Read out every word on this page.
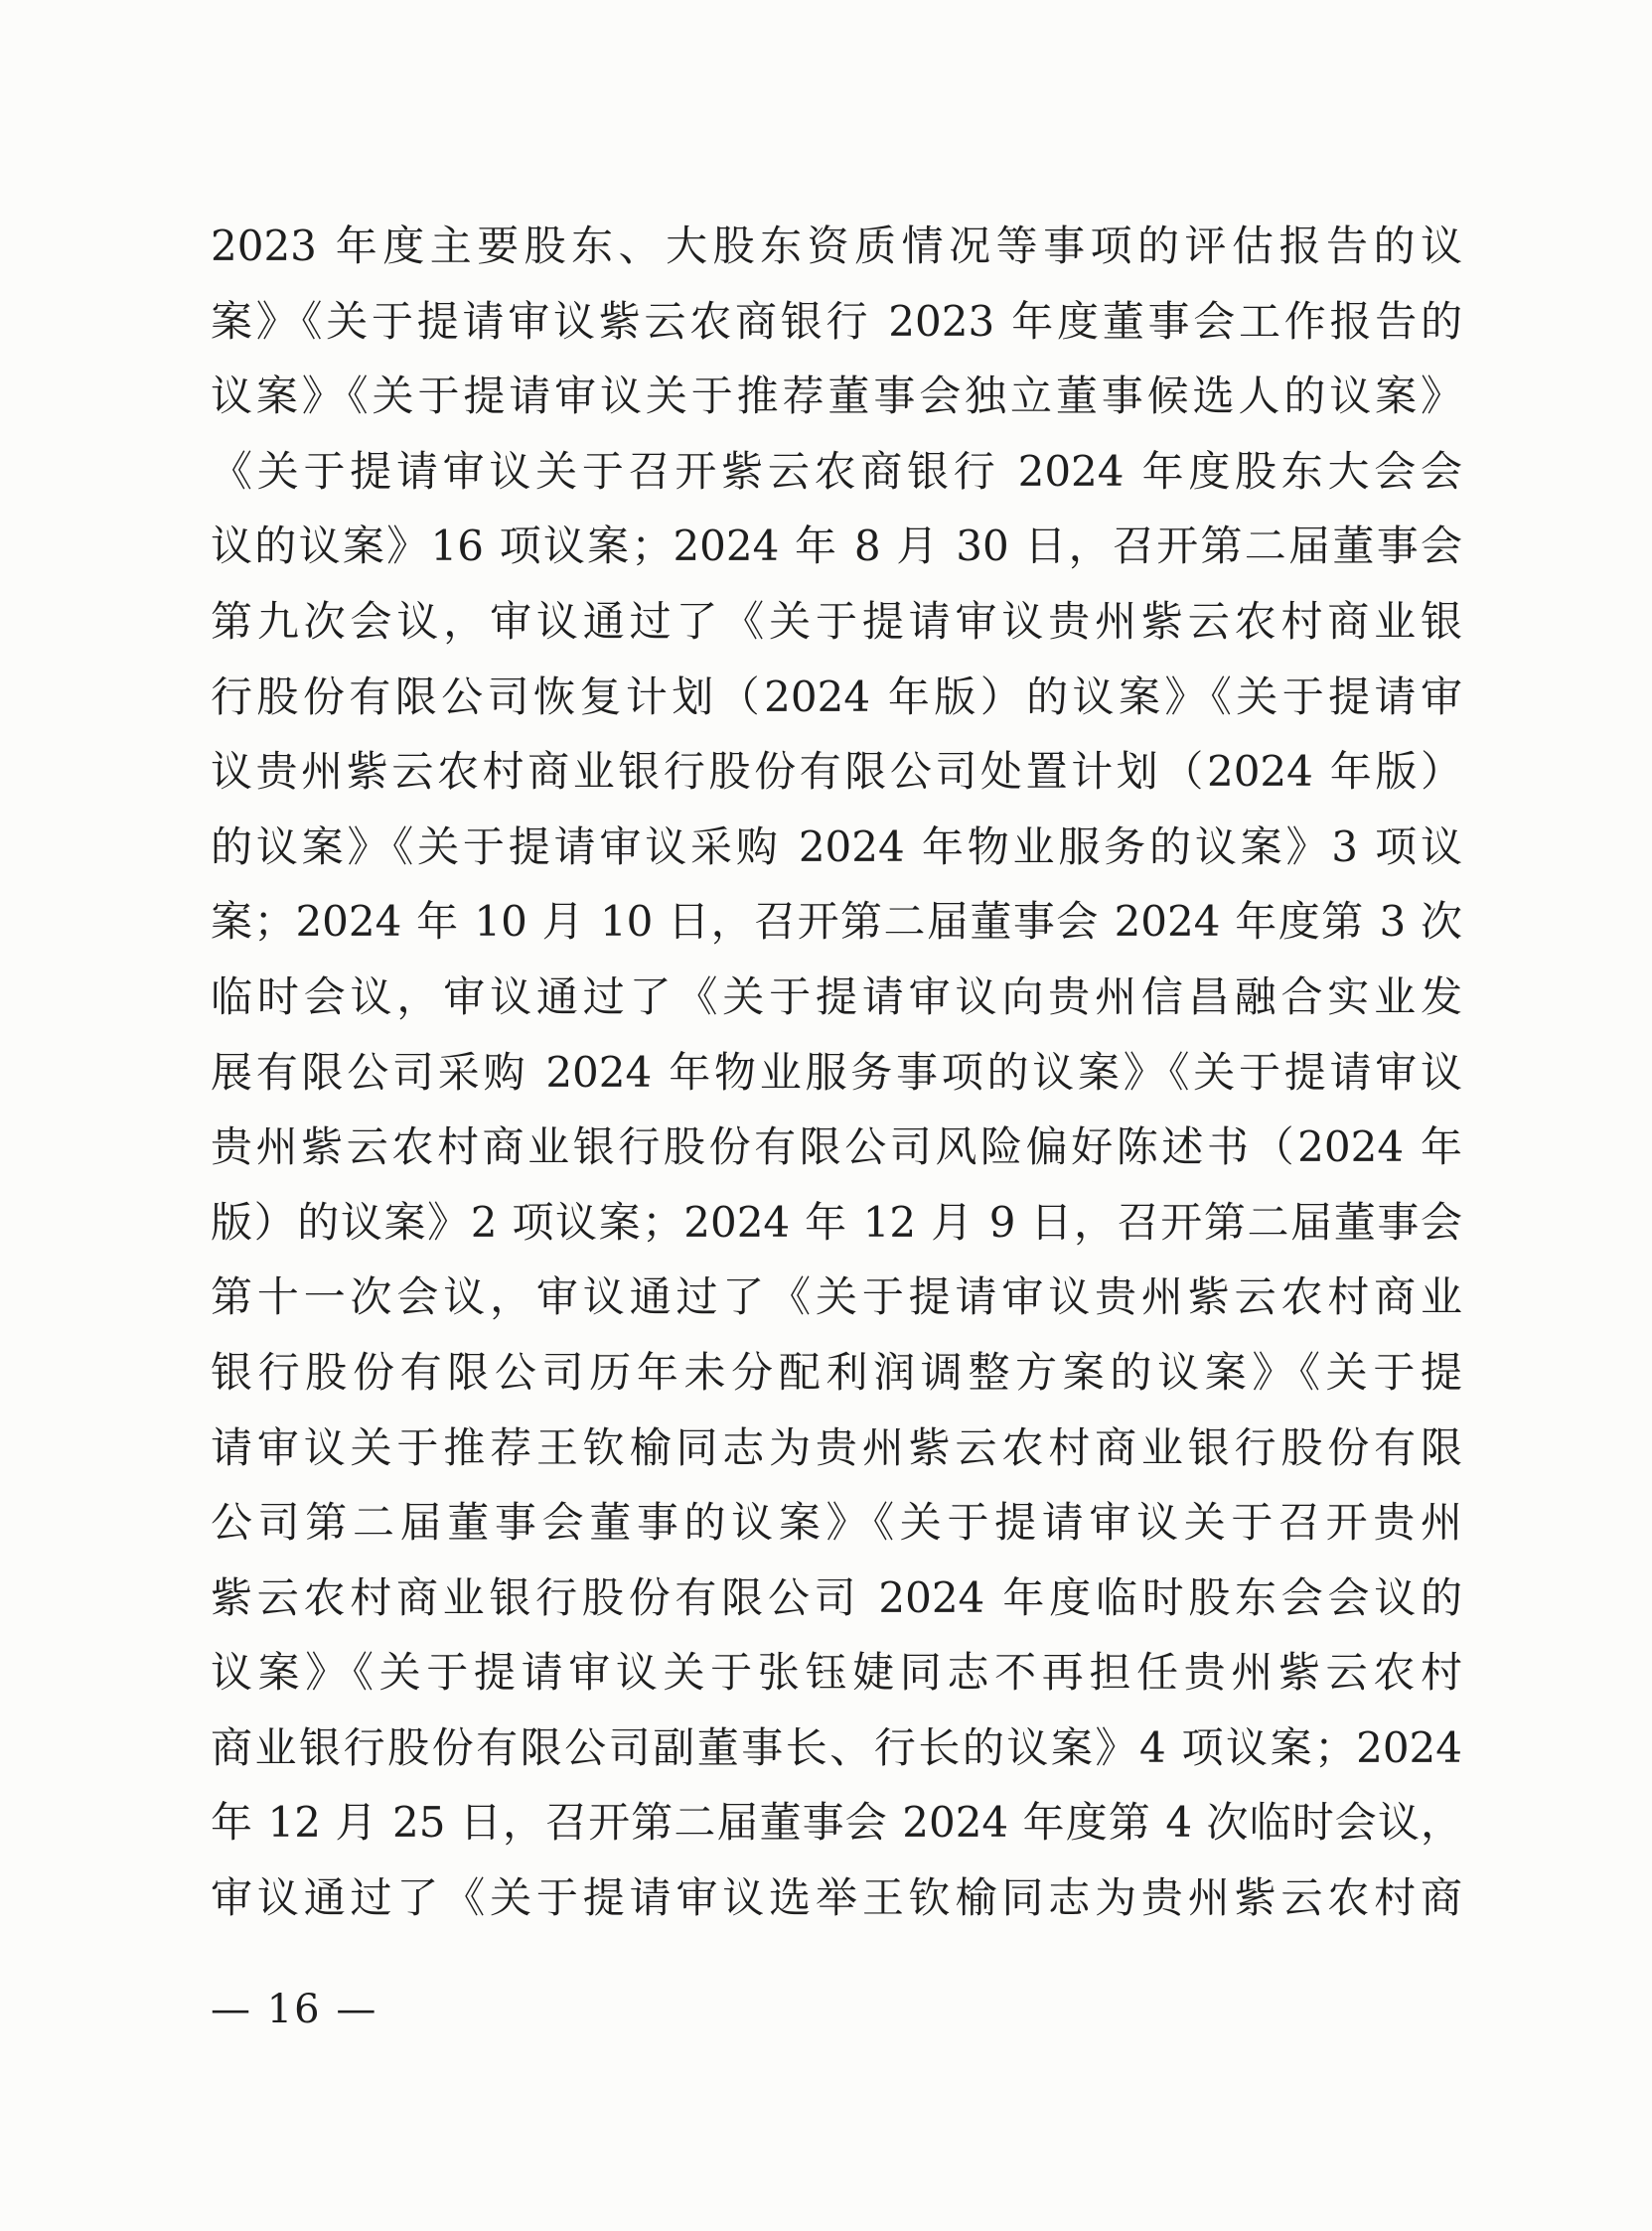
2023 年度主要股东、大股东资质情况等事项的评估报告的议
案》《关于提请审议紫云农商银行 2023 年度董事会工作报告的
议案》《关于提请审议关于推荐董事会独立董事候选人的议案》
《关于提请审议关于召开紫云农商银行 2024 年度股东大会会
议的议案》16 项议案；2024 年 8 月 30 日，召开第二届董事会
第九次会议，审议通过了《关于提请审议贵州紫云农村商业银
行股份有限公司恢复计划（2024 年版）的议案》《关于提请审
议贵州紫云农村商业银行股份有限公司处置计划（2024 年版）
的议案》《关于提请审议采购 2024 年物业服务的议案》3 项议
案；2024 年 10 月 10 日，召开第二届董事会 2024 年度第 3 次
临时会议，审议通过了《关于提请审议向贵州信昌融合实业发
展有限公司采购 2024 年物业服务事项的议案》《关于提请审议
贵州紫云农村商业银行股份有限公司风险偏好陈述书（2024 年
版）的议案》2 项议案；2024 年 12 月 9 日，召开第二届董事会
第十一次会议，审议通过了《关于提请审议贵州紫云农村商业
银行股份有限公司历年未分配利润调整方案的议案》《关于提
请审议关于推荐王钦榆同志为贵州紫云农村商业银行股份有限
公司第二届董事会董事的议案》《关于提请审议关于召开贵州
紫云农村商业银行股份有限公司 2024 年度临时股东会会议的
议案》《关于提请审议关于张钰婕同志不再担任贵州紫云农村
商业银行股份有限公司副董事长、行长的议案》4 项议案；2024
年 12 月 25 日，召开第二届董事会 2024 年度第 4 次临时会议，
审议通过了《关于提请审议选举王钦榆同志为贵州紫云农村商
— 16 —
